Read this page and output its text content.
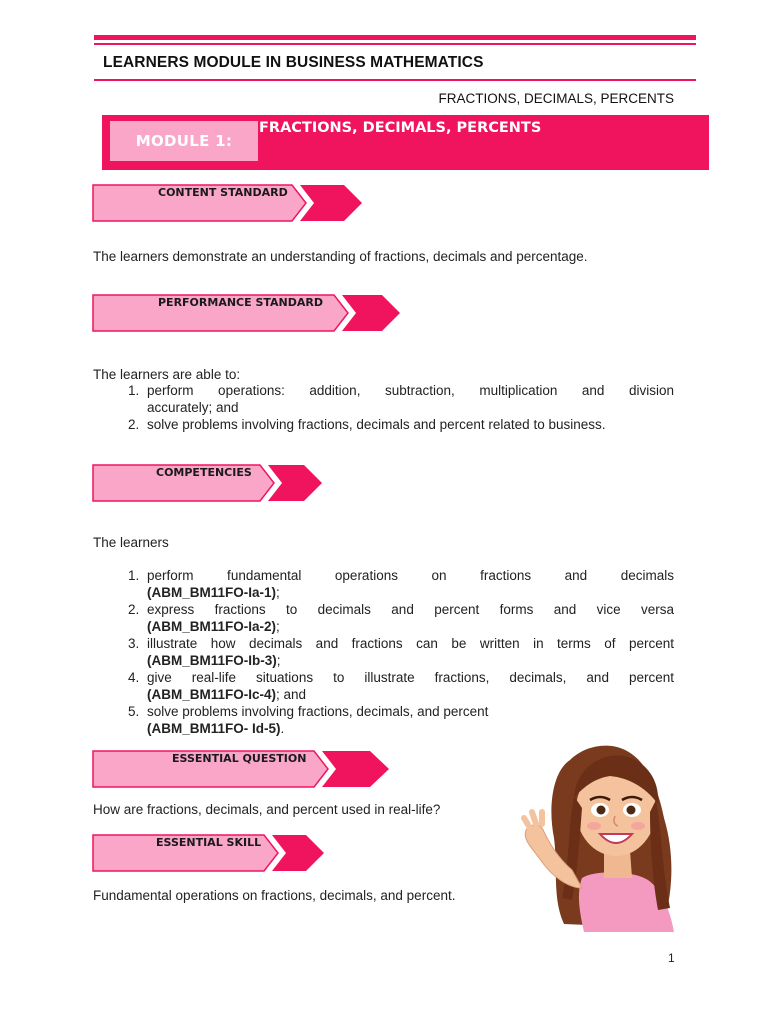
LEARNERS MODULE IN BUSINESS MATHEMATICS
FRACTIONS, DECIMALS, PERCENTS
MODULE 1:
FRACTIONS, DECIMALS, PERCENTS
CONTENT STANDARD
The learners demonstrate an understanding of fractions, decimals and percentage.
PERFORMANCE STANDARD
The learners are able to:
1. perform operations: addition, subtraction, multiplication and division
accurately; and
2. solve problems involving fractions, decimals and percent related to business.
COMPETENCIES
The learners
1. perform fundamental operations on fractions and decimals
(ABM_BM11FO-Ia-1);
2. express fractions to decimals and percent forms and vice versa
(ABM_BM11FO-Ia-2);
3. illustrate how decimals and fractions can be written in terms of percent
(ABM_BM11FO-Ib-3);
4. give real-life situations to illustrate fractions, decimals, and percent
(ABM_BM11FO-Ic-4); and
5. solve problems involving fractions, decimals, and percent
(ABM_BM11FO- Id-5).
ESSENTIAL QUESTION
How are fractions, decimals, and percent used in real-life?
ESSENTIAL SKILL
Fundamental operations on fractions, decimals, and percent.
1
